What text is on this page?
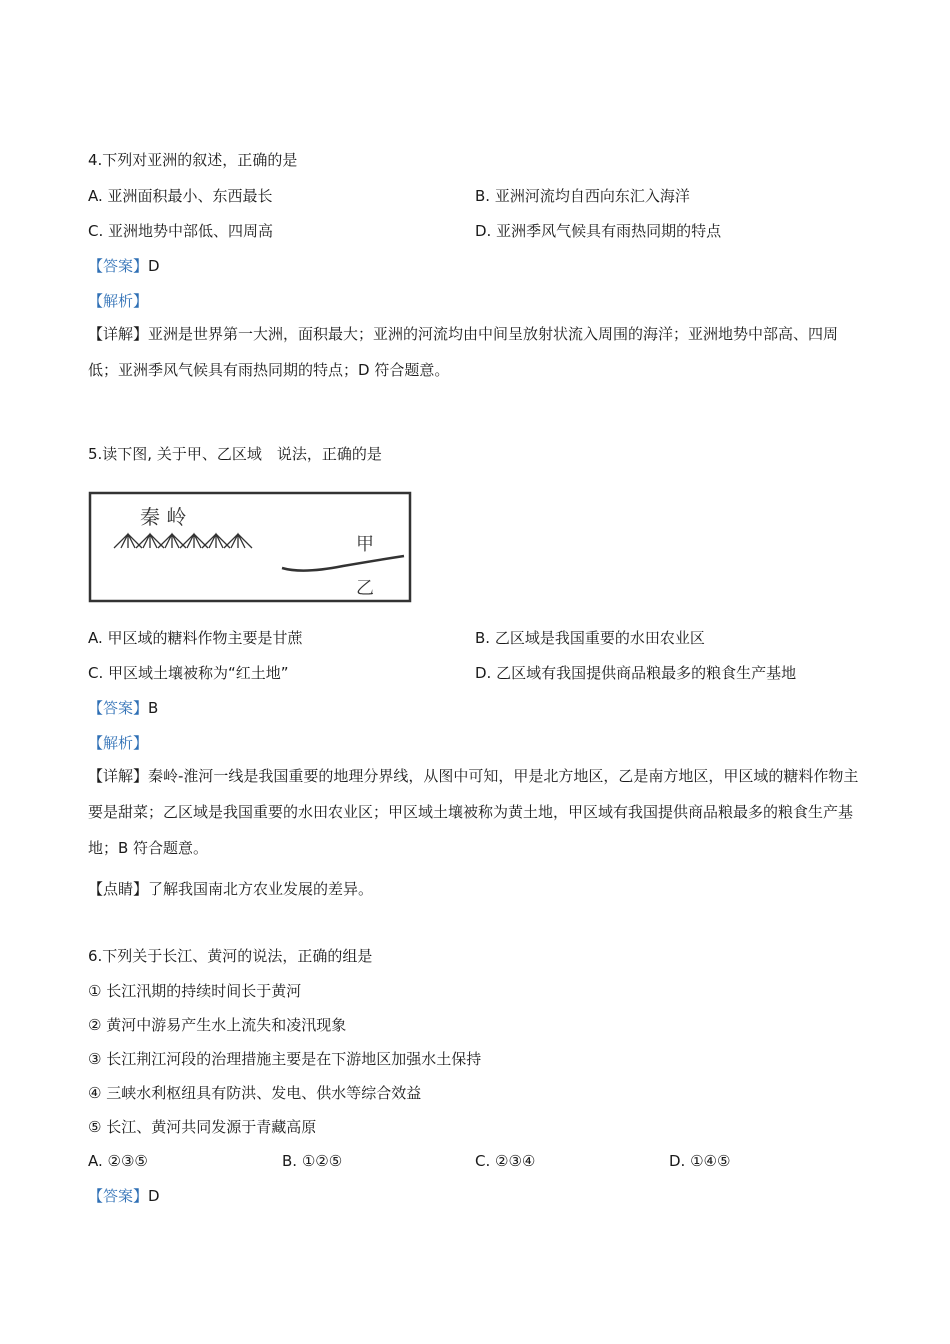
4.下列对亚洲的叙述，正确的是
A. 亚洲面积最小、东西最长	B. 亚洲河流均自西向东汇入海洋
C. 亚洲地势中部低、四周高	D. 亚洲季风气候具有雨热同期的特点
【答案】D
【解析】
【详解】亚洲是世界第一大洲，面积最大；亚洲的河流均由中间呈放射状流入周围的海洋；亚洲地势中部高、四周低；亚洲季风气候具有雨热同期的特点；D 符合题意。
5.读下图, 关于甲、乙区域　说法，正确的是
秦 岭
甲
乙
A. 甲区域的糖料作物主要是甘蔗	B. 乙区域是我国重要的水田农业区
C. 甲区域土壤被称为“红土地”	D. 乙区域有我国提供商品粮最多的粮食生产基地
【答案】B
【解析】
【详解】秦岭-淮河一线是我国重要的地理分界线，从图中可知，甲是北方地区，乙是南方地区，甲区域的糖料作物主要是甜菜；乙区域是我国重要的水田农业区；甲区域土壤被称为黄土地，甲区域有我国提供商品粮最多的粮食生产基地；B 符合题意。
【点睛】了解我国南北方农业发展的差异。
6.下列关于长江、黄河的说法，正确的组是
① 长江汛期的持续时间长于黄河
② 黄河中游易产生水上流失和凌汛现象
③ 长江荆江河段的治理措施主要是在下游地区加强水土保持
④ 三峡水利枢纽具有防洪、发电、供水等综合效益
⑤ 长江、黄河共同发源于青藏高原
A. ②③⑤	B. ①②⑤	C. ②③④	D. ①④⑤
【答案】D
